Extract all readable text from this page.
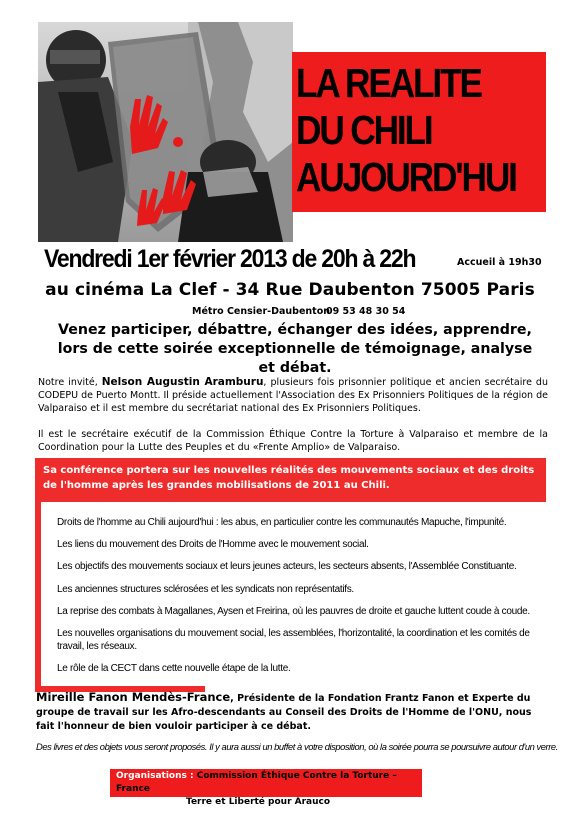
LA REALITE
DU CHILI
AUJOURD'HUI
Vendredi 1er février 2013 de 20h à 22h	Accueil à 19h30
au cinéma La Clef - 34 Rue Daubenton 75005 Paris
Métro Censier-Daubenton
09 53 48 30 54
Venez participer, débattre, échanger des idées, apprendre, lors de cette soirée exceptionnelle de témoignage, analyse et débat.
Notre invité, Nelson Augustin Aramburu, plusieurs fois prisonnier politique et ancien secrétaire du CODEPU de Puerto Montt. Il préside actuellement l'Association des Ex Prisonniers Politiques de la région de Valparaiso et il est membre du secrétariat national des Ex Prisonniers Politiques.
Il est le secrétaire exécutif de la Commission Éthique Contre la Torture à Valparaiso et membre de la Coordination pour la Lutte des Peuples et du «Frente Amplio» de Valparaiso.
Sa conférence portera sur les nouvelles réalités des mouvements sociaux et des droits de l'homme après les grandes mobilisations de 2011 au Chili.
Droits de l'homme au Chili aujourd'hui : les abus, en particulier contre les communautés Mapuche, l'impunité.
Les liens du mouvement des Droits de l'Homme avec le mouvement social.
Les objectifs des mouvements sociaux et leurs jeunes acteurs, les secteurs absents, l'Assemblée Constituante.
Les anciennes structures sclérosées et les syndicats non représentatifs.
La reprise des combats à Magallanes, Aysen et Freirina, où les pauvres de droite et gauche luttent coude à coude.
Les nouvelles organisations du mouvement social, les assemblées, l'horizontalité, la coordination et les comités de travail, les réseaux.
Le rôle de la CECT dans cette nouvelle étape de la lutte.
Mireille Fanon Mendès-France, Présidente de la Fondation Frantz Fanon et Experte du groupe de travail sur les Afro-descendants au Conseil des Droits de l'Homme de l'ONU, nous fait l'honneur de bien vouloir participer à ce débat.
Des livres et des objets vous seront proposés. Il y aura aussi un buffet à votre disposition, où la soirée pourra se poursuivre autour d'un verre.
Organisations : Commission Éthique Contre la Torture – France
Terre et Liberté pour Arauco
